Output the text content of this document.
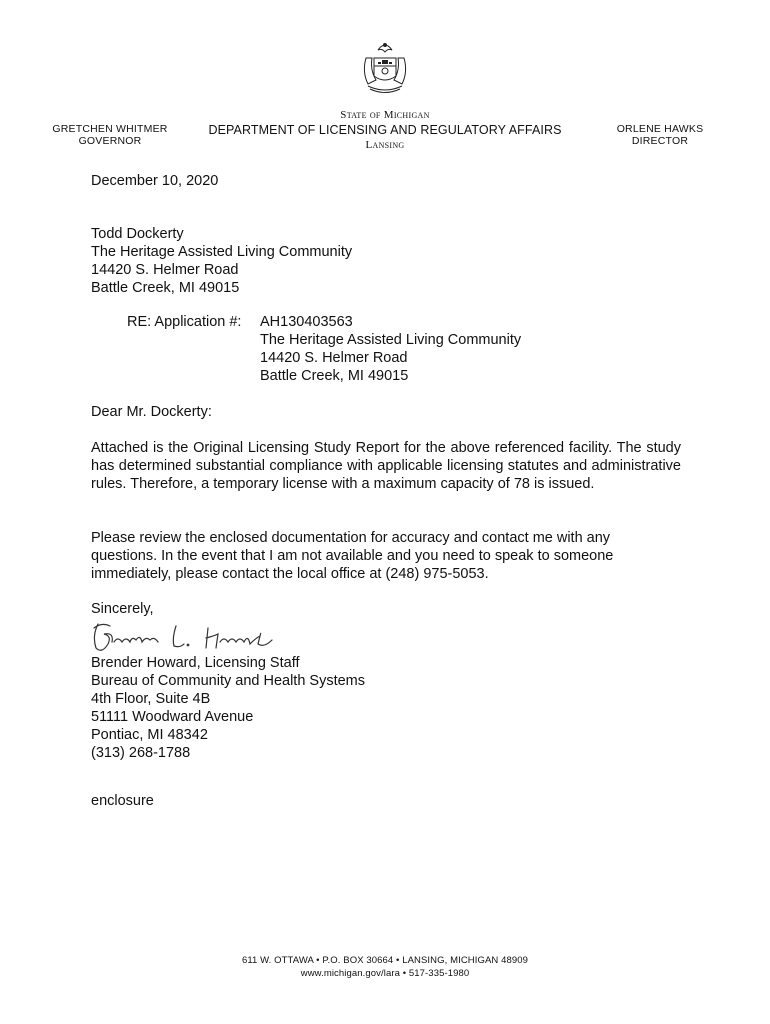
GRETCHEN WHITMER
GOVERNOR
State of Michigan
DEPARTMENT OF LICENSING AND REGULATORY AFFAIRS
Lansing
ORLENE HAWKS
DIRECTOR
December 10, 2020
Todd Dockerty
The Heritage Assisted Living Community
14420 S. Helmer Road
Battle Creek, MI 49015
RE: Application #: AH130403563
The Heritage Assisted Living Community
14420 S. Helmer Road
Battle Creek, MI 49015
Dear Mr. Dockerty:
Attached is the Original Licensing Study Report for the above referenced facility. The study has determined substantial compliance with applicable licensing statutes and administrative rules. Therefore, a temporary license with a maximum capacity of 78 is issued.
Please review the enclosed documentation for accuracy and contact me with any
questions. In the event that I am not available and you need to speak to someone
immediately, please contact the local office at (248) 975-5053.
Sincerely,
Brender Howard, Licensing Staff
Bureau of Community and Health Systems
4th Floor, Suite 4B
51111 Woodward Avenue
Pontiac, MI 48342
(313) 268-1788
enclosure
611 W. OTTAWA • P.O. BOX 30664 • LANSING, MICHIGAN 48909
www.michigan.gov/lara • 517-335-1980
